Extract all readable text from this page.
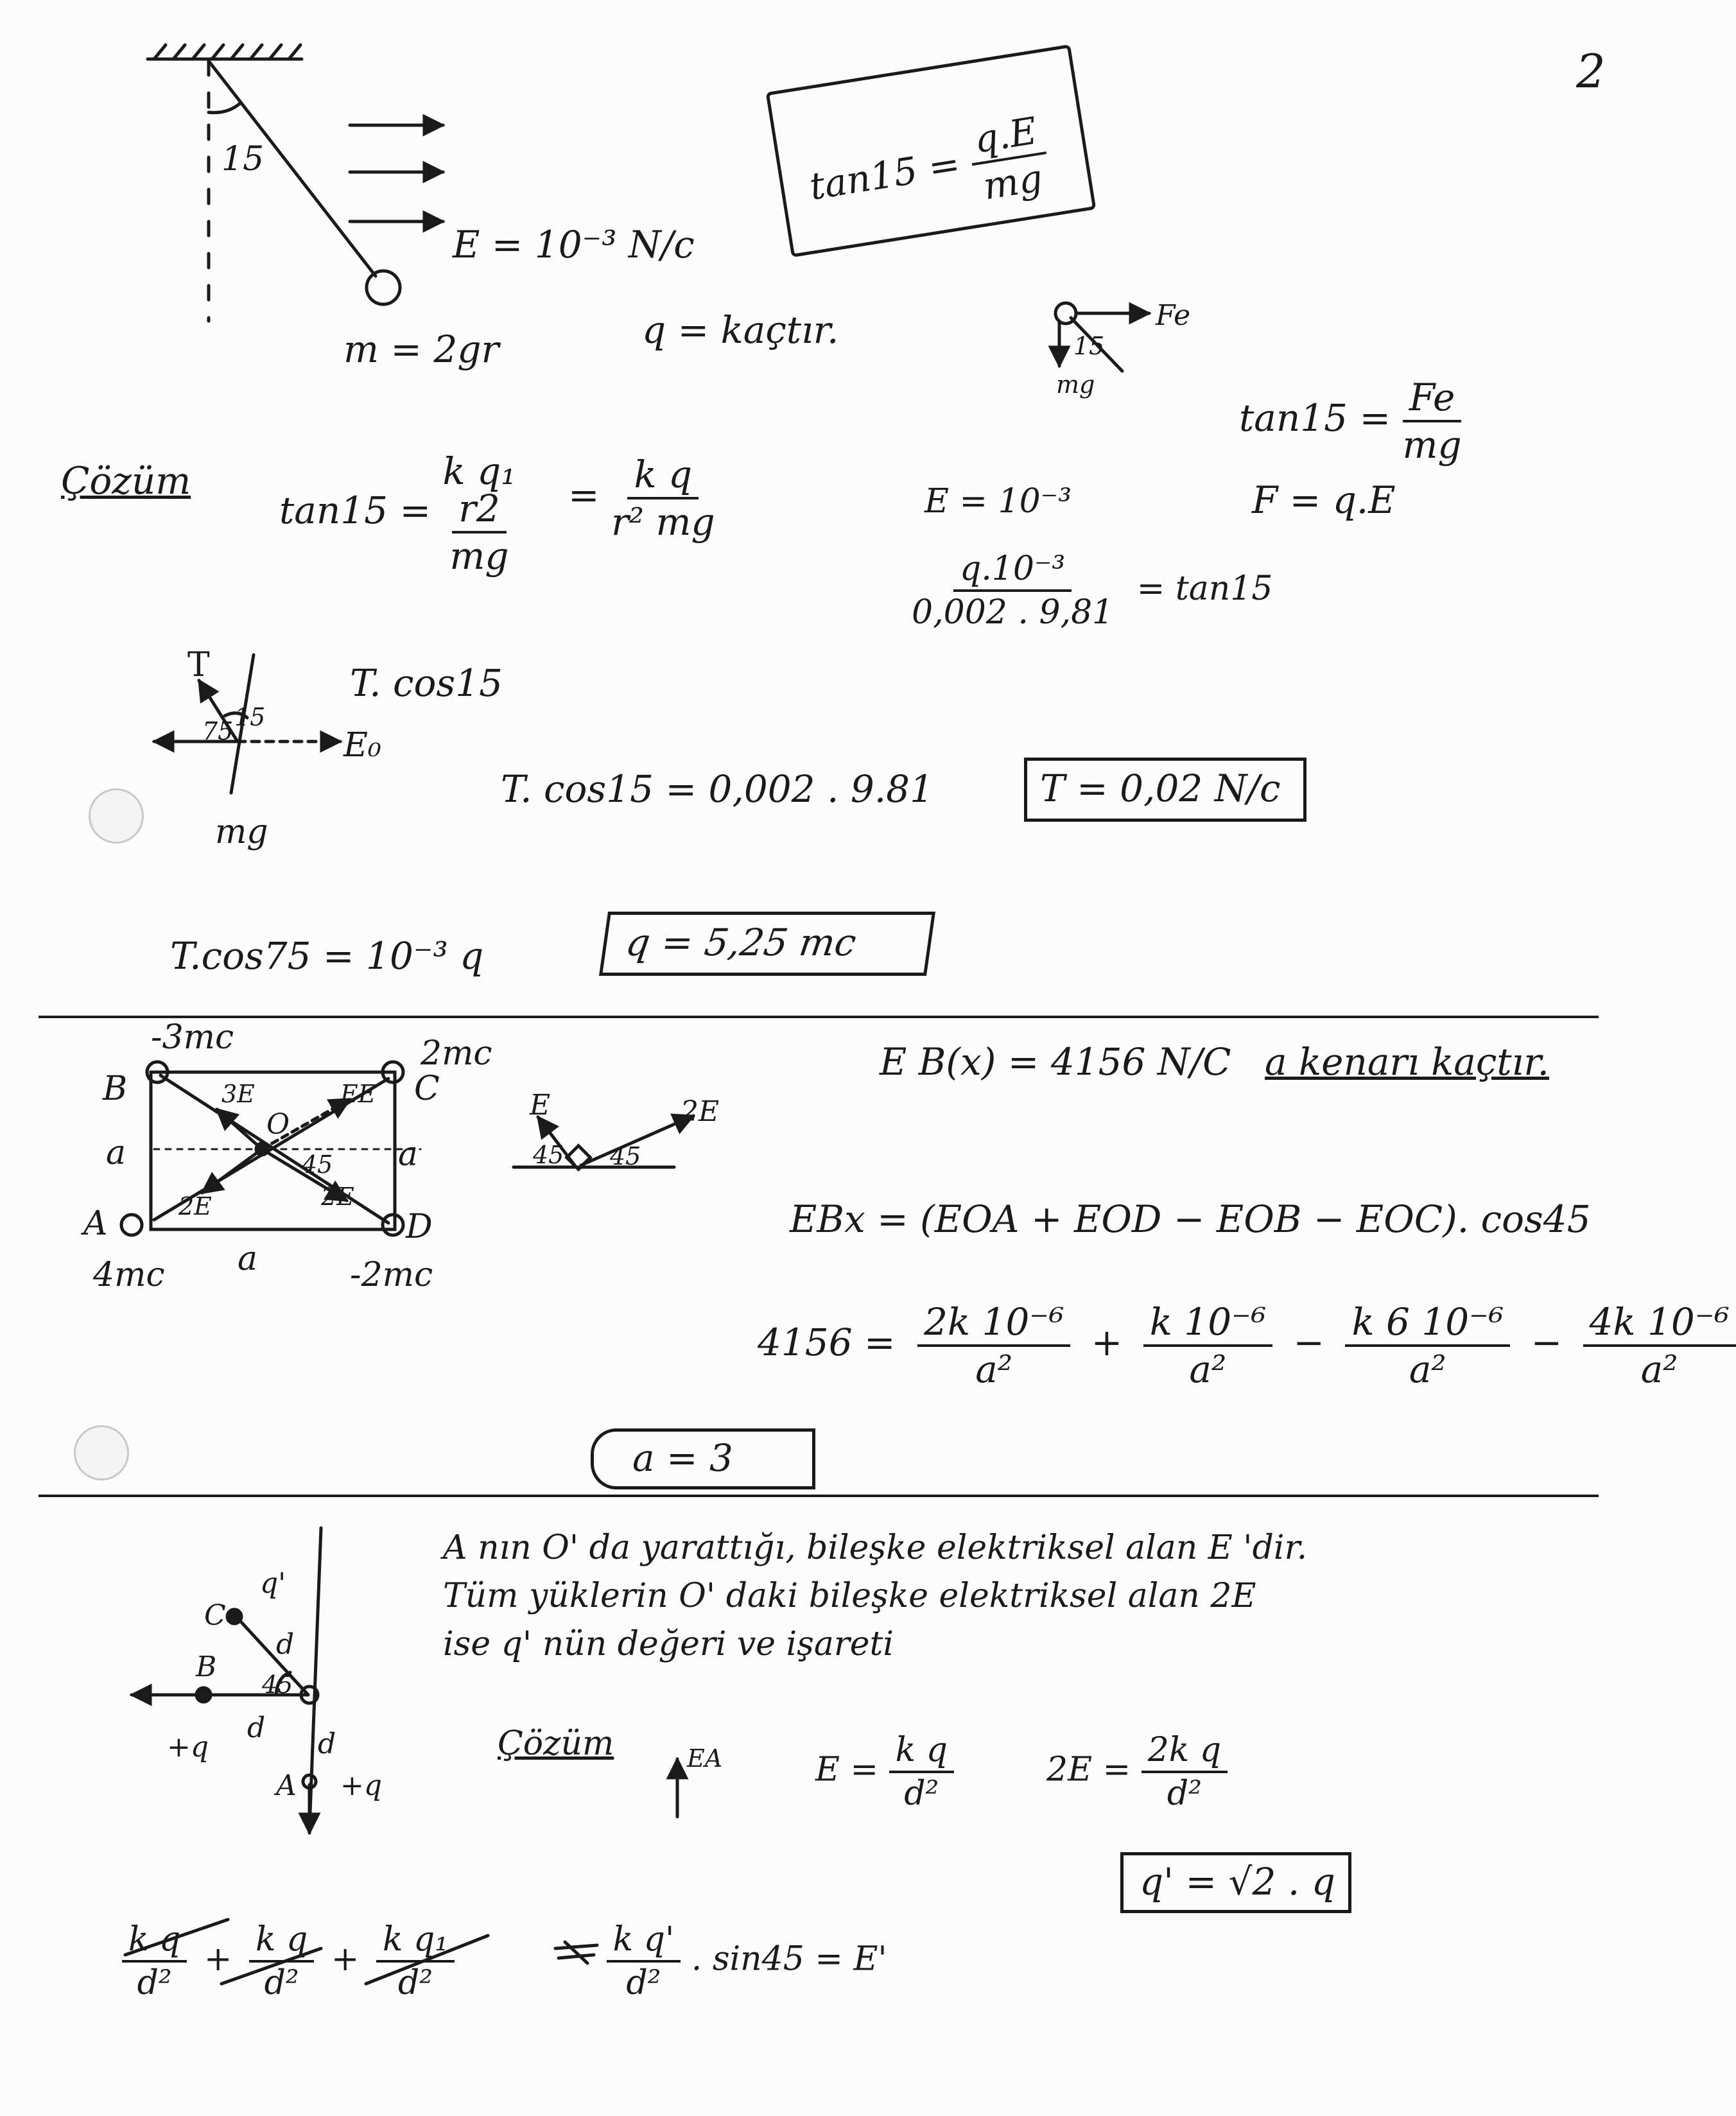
2
15
E = 10⁻³ N/c
m = 2gr	q = kaçtır.
$\tan 15 = \frac{q.E}{mg}$
Fe
15
mg
$\tan 15 = \frac{Fe}{mg}$
Çözüm
tan15 =
k q₁
r2
mg
= $\frac{\text{k q}}{\text{r² mg}}$	E = 10⁻³	F = q.E
$\frac{\text{q.10⁻³}}{0,002 . 9,81} = \tan 15$
T
15
75	E₀
mg
T. cos15
T. cos15 = 0,002 . 9.81	T = 0,02 N/c
T.cos75 = 10⁻³ q	q = 5,25 mc
-3mc	2mc
4mc	-2mc
B	C
A	D
O
a	a
a
3E	EE
2E	2E
45
E	2E
45 45
E B(x) = 4156 N/C a kenarı kaçtır.
EBx = (EOA + EOD − EOB − EOC). cos45
$4156 = \frac{\text{2k 10⁻⁶}}{\text{a²}} + \frac{\text{k 10⁻⁶}}{\text{a²}} - \frac{\text{k 6 10⁻⁶}}{\text{a²}} - \frac{\text{4k 10⁻⁶}}{\text{a²}}$
a = 3
A nın O' da yarattığı, bileşke elektriksel alan E 'dir.
Tüm yüklerin O' daki bileşke elektriksel alan 2E
ise q' nün değeri ve işareti
q'
C
B
d
45
+q
d d
A +q
Çözüm	EA	$E = \frac{\text{k q}}{\text{d²}}$	$2E = \frac{\text{2k q}}{\text{d²}}$
q' = √2 . q
$\frac{\text{k q}}{\text{d²}} + \frac{\text{k q}}{\text{d²}} + \frac{\text{k q₁}}{\text{d²}}$
	$\frac{\text{k q'}}{\text{d²}}$ . sin45 = E'
